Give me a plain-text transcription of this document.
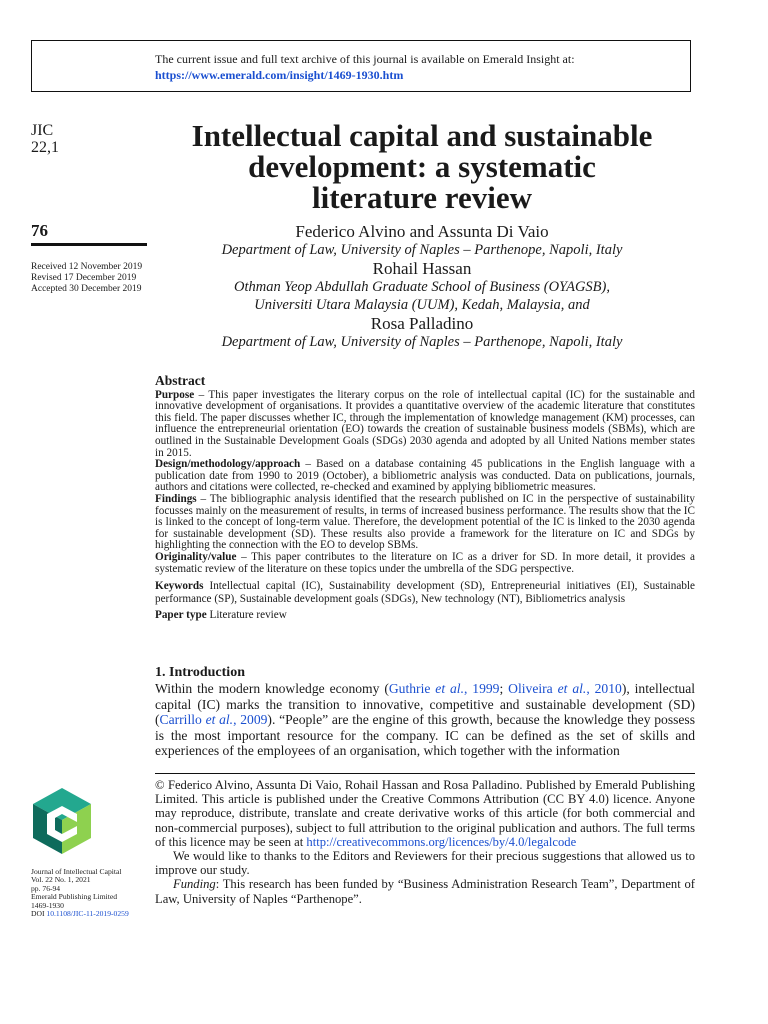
The current issue and full text archive of this journal is available on Emerald Insight at:
https://www.emerald.com/insight/1469-1930.htm
JIC
22,1
76
Received 12 November 2019
Revised 17 December 2019
Accepted 30 December 2019
Intellectual capital and sustainable
development: a systematic
literature review
Federico Alvino and Assunta Di Vaio
Department of Law, University of Naples – Parthenope, Napoli, Italy
Rohail Hassan
Othman Yeop Abdullah Graduate School of Business (OYAGSB),
Universiti Utara Malaysia (UUM), Kedah, Malaysia, and
Rosa Palladino
Department of Law, University of Naples – Parthenope, Napoli, Italy
Abstract

Purpose – This paper investigates the literary corpus on the role of intellectual capital (IC) for the sustainable and innovative development of organisations. It provides a quantitative overview of the academic literature that constitutes this field. The paper discusses whether IC, through the implementation of knowledge management (KM) processes, can influence the entrepreneurial orientation (EO) towards the creation of sustainable business models (SBMs), which are outlined in the Sustainable Development Goals (SDGs) 2030 agenda and adopted by all United Nations member states in 2015.

Design/methodology/approach – Based on a database containing 45 publications in the English language with a publication date from 1990 to 2019 (October), a bibliometric analysis was conducted. Data on publications, journals, authors and citations were collected, re-checked and examined by applying bibliometric measures.

Findings – The bibliographic analysis identified that the research published on IC in the perspective of sustainability focusses mainly on the measurement of results, in terms of increased business performance. The results show that the IC is linked to the concept of long-term value. Therefore, the development potential of the IC is linked to the 2030 agenda for sustainable development (SD). These results also provide a framework for the literature on IC and SDGs by highlighting the connection with the EO to develop SBMs.

Originality/value – This paper contributes to the literature on IC as a driver for SD. In more detail, it provides a systematic review of the literature on these topics under the umbrella of the SDG perspective.

Keywords Intellectual capital (IC), Sustainability development (SD), Entrepreneurial initiatives (EI), Sustainable performance (SP), Sustainable development goals (SDGs), New technology (NT), Bibliometrics analysis

Paper type Literature review

1. Introduction

Within the modern knowledge economy (Guthrie et al., 1999; Oliveira et al., 2010), intellectual capital (IC) marks the transition to innovative, competitive and sustainable development (SD) (Carrillo et al., 2009). “People” are the engine of this growth, because the knowledge they possess is the most important resource for the company. IC can be defined as the set of skills and experiences of the employees of an organisation, which together with the information

© Federico Alvino, Assunta Di Vaio, Rohail Hassan and Rosa Palladino. Published by Emerald Publishing Limited. This article is published under the Creative Commons Attribution (CC BY 4.0) licence. Anyone may reproduce, distribute, translate and create derivative works of this article (for both commercial and non-commercial purposes), subject to full attribution to the original publication and authors. The full terms of this licence may be seen at http://creativecommons.org/licences/by/4.0/legalcode

We would like to thanks to the Editors and Reviewers for their precious suggestions that allowed us to improve our study.

Funding: This research has been funded by “Business Administration Research Team”, Department of Law, University of Naples “Parthenope”.

Journal of Intellectual Capital
Vol. 22 No. 1, 2021
pp. 76-94
Emerald Publishing Limited
1469-1930
DOI 10.1108/JIC-11-2019-0259
